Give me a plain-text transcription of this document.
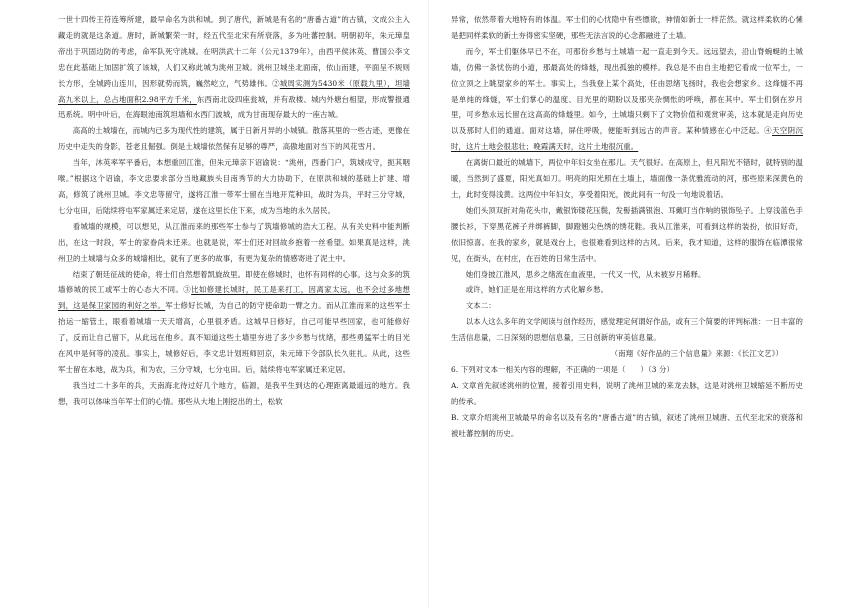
一世十四传王符连筹所建，最早命名为洪和城。到了唐代，新城是有名的“唐番古道”的古镇，文成公主入藏走的就是这条道。唐时，新城繁荣一时，经五代至北宋有所衰落，多为吐蕃控制。明朝初年，朱元璋皇帝出于巩固边防的考虑，命军队死守洮城。在明洪武十二年（公元1379年），由西平侯沐英、曹国公李文忠在此基础上加固扩筑了该城，人们又称此城为洮州卫城。洮州卫城坐北面南，依山而建，平面呈不规则长方形，全城跨山连川，因形就势而筑，巍然屹立，气势雄伟。②城周实测为5430米（原载九里），坦墙高九米以上，总占地面积2.98平方千米，东西南北设四座瓮城，并有敌楼、城内外塘台相望，形成警报通迅系统。明中叶后，在海眼池南筑坦墙和水西门波城，成为甘南现存最大的一座古城。

高高的土城墙在，而城内已多为现代性的建筑，属于日新月异的小城镇。散落其里的一些古迹，更像在历史中走失的身影，苍老且倔强。倒是土城墙依然保有足够的尊严，高傲地面对当下的风花雪月。

当年，沐英率军平番后，本想重回江淮，但朱元璋亲下诏谕说：“洮州，西番门户，筑城戍守，扼其咽喉。”根据这个诏谕，李文忠要求部分当地藏族头目南秀节的大力协助下，在原洪和城的基础上扩建、增高，修筑了洮州卫城。李文忠等留守，遂将江淮一带军士留在当地开荒种田，战时为兵，平时三分守城，七分屯田，后陆续将屯军家属迁来定居，遂在这里长住下来，成为当地的永久居民。

看城墙的规模，可以想见，从江淮而来的那些军士参与了筑墙修城的浩大工程。从有关史料中能判断出，在这一时段，军士的家眷尚未迁来。也就是说，军士们还对回故乡抱着一丝希望。如果真是这样，洮州卫的土城墙与众多的城墙相比，就有了更多的故事，有更为复杂的情感寄进了泥土中。

结束了朝廷征战的使命，将士们自然想着凯旋故里。即使在修城时，也怀有同样的心事。这与众多的筑墙修城的民工或军士的心态大不同。③比如修建长城时，民工是来打工，因离家太远，也不会过多地想到，这是保卫家园的利好之举。军士修好长城，为自己的防守使命助一臂之力。而从江淮而来的这些军士抬运一缩管土，眼看着城墙一天天增高，心里很矛盾。这城早日修好，自己可能早些回家，也可能修好了，反而让自己留下，从此远在他乡。真不知道这些土墙里夯进了多少乡愁与忧绪，那些勇猛军士的目光在风中是何等的凌乱。事实上，城修好后，李文忠计划班师回京，朱元璋下令部队长久驻扎。从此，这些军士留在本地，战为兵，和为农，三分守城，七分屯田。后，陆续将屯军家属迁来定居。

我当过二十多年的兵，天南海北待过好几个地方，临源，是我平生到达的心理距离最遥远的地方。我想，我可以体味当年军士们的心情。那些从大地上刚挖出的土，松软

异常，依然带着大地特有的体温。军士们的心忧隐中有些缥欲，神情如新士一样茫然。就这样柔软的心愫是把同样柔软的新土夯得密实坚硬，那些无法言说的心念都融进了土墙。

而今，军士们躯体早已不在，可那份乡愁与土城墙一起一直走到今天。远远望去，沿山脊蜿蜒的土城墙，仿佛一条忧伤的小道，那最高处的烽燧，现出孤独的模样。我总是不由自主地把它看成一位军士，一位立顶之上眺望家乡的军士。事实上，当我登上某个高处，任由思绪飞扬时，我也会想家乡。这烽燧不再是单纯的烽燧，军士们掌心的温度、目光里的期盼以及那夹杂惆怅的呼唤，都在其中。军士们倒在岁月里，可乡愁永远长留在这高高的烽燧里。如今，土城墙只剩下了文物价值和观赏审美，这本就是走向历史以及那时人们的通道。面对这墙，屏住呼吸，便能听到远古的声音。某种情感在心中泛起。④天空阴沉时，这片土地会很悲壮；晚霞满天时，这片土地很沉重。

在离街口最近的城墙下，两位中年妇女坐在那儿。天气很好。在高原上，但凡阳光不错时，就特别的温暖，当然到了盛夏，阳光真如刀。明亮的阳光照在土墙上，墙面像一条优雅流动的河，那些原来深黄色的土，此时变得浅黄。这两位中年妇女，享受着阳光，彼此间有一句没一句地说着话。

她们头顶双折对角花头巾，戴银饰镂花压鬓，发髻插满银泡、耳戴叮当作响的银饰坠子。上穿浅蓝色手腰长衫，下穿黑花裤子并绑裤脚，脚蹬翘尖色绣的绣花鞋。我从江淮来，可看到这样的装扮，依旧好奇，依旧惊喜。在我的家乡，就是戏台上，也很难看到这样的古风。后来，我才知道，这样的服饰在临潭很常见，在街头，在村庄，在百姓的日常生活中。

她们身披江淮风，思乡之绪流在血液里，一代又一代，从未被岁月稀释。

或许，她们正是在用这样的方式化解乡愁。

文本二：

以本人这么多年的文学阅读与创作经历，感觉理定何谓好作品，或有三个简要的评判标准：一日丰富的生活信息量，二日深刻的思想信息量，三日创新的审美信息量。

（南翔《好作品的三个信息量》来源：《长江文艺》）

6. 下列对文本一相关内容的理解，不正确的一项是（　　）（3 分）

A. 文章首先叙述洮州的位置，接着引用史料，说明了洮州卫城的来龙去脉，这是对洮州卫城缩延不断历史的传承。

B. 文章介绍洮州卫城最早的命名以及有名的“唐番古道”的古镇，叙述了洮州卫城唐、五代至北宋的衰落和被吐蕃控制的历史。
